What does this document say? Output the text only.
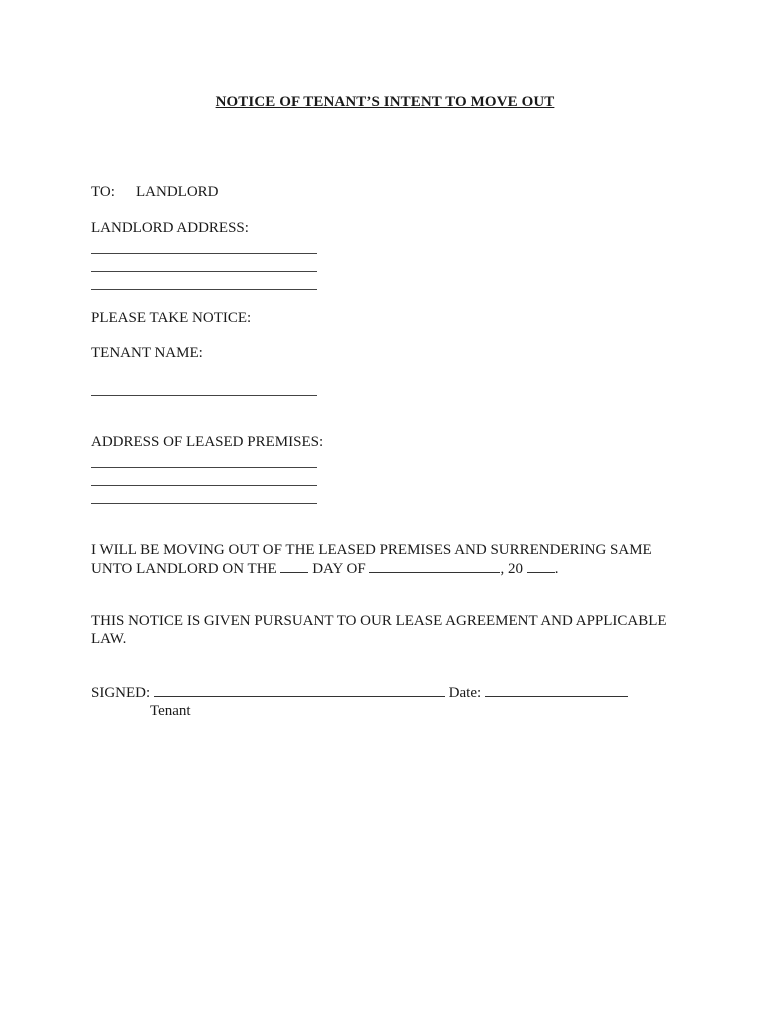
NOTICE OF TENANT’S INTENT TO MOVE OUT
TO: LANDLORD
LANDLORD ADDRESS:
PLEASE TAKE NOTICE:
TENANT NAME:
ADDRESS OF LEASED PREMISES:
I WILL BE MOVING OUT OF THE LEASED PREMISES AND SURRENDERING SAME
UNTO LANDLORD ON THE  DAY OF	, 20 .
THIS NOTICE IS GIVEN PURSUANT TO OUR LEASE AGREEMENT AND APPLICABLE
LAW.
SIGNED:	Date:
Tenant
